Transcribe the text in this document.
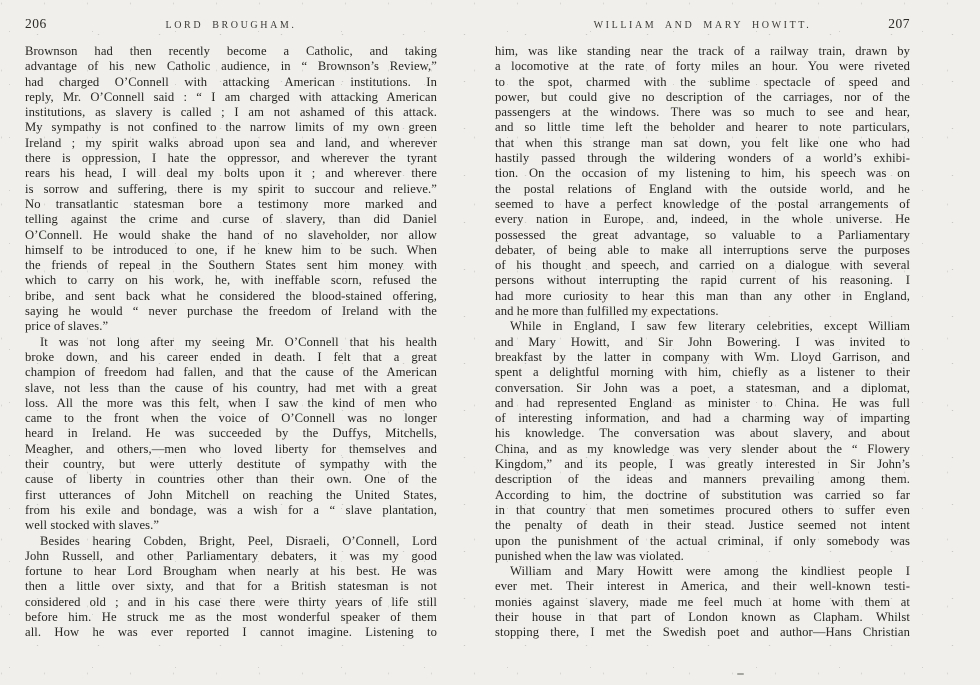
206	LORD BROUGHAM.
Brownson had then recently become a Catholic, and taking
advantage of his new Catholic audience, in “ Brownson’s Review,”
had charged O’Connell with attacking American institutions. In
reply, Mr. O’Connell said : “ I am charged with attacking American
institutions, as slavery is called ; I am not ashamed of this attack.
My sympathy is not confined to the narrow limits of my own green
Ireland ; my spirit walks abroad upon sea and land, and wherever
there is oppression, I hate the oppressor, and wherever the tyrant
rears his head, I will deal my bolts upon it ; and wherever there
is sorrow and suffering, there is my spirit to succour and relieve.”
No transatlantic statesman bore a testimony more marked and
telling against the crime and curse of slavery, than did Daniel
O’Connell. He would shake the hand of no slaveholder, nor allow
himself to be introduced to one, if he knew him to be such. When
the friends of repeal in the Southern States sent him money with
which to carry on his work, he, with ineffable scorn, refused the
bribe, and sent back what he considered the blood-stained offering,
saying he would “ never purchase the freedom of Ireland with the
price of slaves.”
It was not long after my seeing Mr. O’Connell that his health
broke down, and his career ended in death. I felt that a great
champion of freedom had fallen, and that the cause of the American
slave, not less than the cause of his country, had met with a great
loss. All the more was this felt, when I saw the kind of men who
came to the front when the voice of O’Connell was no longer
heard in Ireland. He was succeeded by the Duffys, Mitchells,
Meagher, and others,—men who loved liberty for themselves and
their country, but were utterly destitute of sympathy with the
cause of liberty in countries other than their own. One of the
first utterances of John Mitchell on reaching the United States,
from his exile and bondage, was a wish for a “ slave plantation,
well stocked with slaves.”
Besides hearing Cobden, Bright, Peel, Disraeli, O’Connell, Lord
John Russell, and other Parliamentary debaters, it was my good
fortune to hear Lord Brougham when nearly at his best. He was
then a little over sixty, and that for a British statesman is not
considered old ; and in his case there were thirty years of life still
before him. He struck me as the most wonderful speaker of them
all. How he was ever reported I cannot imagine. Listening to
WILLIAM AND MARY HOWITT.	207
him, was like standing near the track of a railway train, drawn by
a locomotive at the rate of forty miles an hour. You were riveted
to the spot, charmed with the sublime spectacle of speed and
power, but could give no description of the carriages, nor of the
passengers at the windows. There was so much to see and hear,
and so little time left the beholder and hearer to note particulars,
that when this strange man sat down, you felt like one who had
hastily passed through the wildering wonders of a world’s exhibi-
tion. On the occasion of my listening to him, his speech was on
the postal relations of England with the outside world, and he
seemed to have a perfect knowledge of the postal arrangements of
every nation in Europe, and, indeed, in the whole universe. He
possessed the great advantage, so valuable to a Parliamentary
debater, of being able to make all interruptions serve the purposes
of his thought and speech, and carried on a dialogue with several
persons without interrupting the rapid current of his reasoning. I
had more curiosity to hear this man than any other in England,
and he more than fulfilled my expectations.
While in England, I saw few literary celebrities, except William
and Mary Howitt, and Sir John Bowering. I was invited to
breakfast by the latter in company with Wm. Lloyd Garrison, and
spent a delightful morning with him, chiefly as a listener to their
conversation. Sir John was a poet, a statesman, and a diplomat,
and had represented England as minister to China. He was full
of interesting information, and had a charming way of imparting
his knowledge. The conversation was about slavery, and about
China, and as my knowledge was very slender about the “ Flowery
Kingdom,” and its people, I was greatly interested in Sir John’s
description of the ideas and manners prevailing among them.
According to him, the doctrine of substitution was carried so far
in that country that men sometimes procured others to suffer even
the penalty of death in their stead. Justice seemed not intent
upon the punishment of the actual criminal, if only somebody was
punished when the law was violated.
William and Mary Howitt were among the kindliest people I
ever met. Their interest in America, and their well-known testi-
monies against slavery, made me feel much at home with them at
their house in that part of London known as Clapham. Whilst
stopping there, I met the Swedish poet and author—Hans Christian
